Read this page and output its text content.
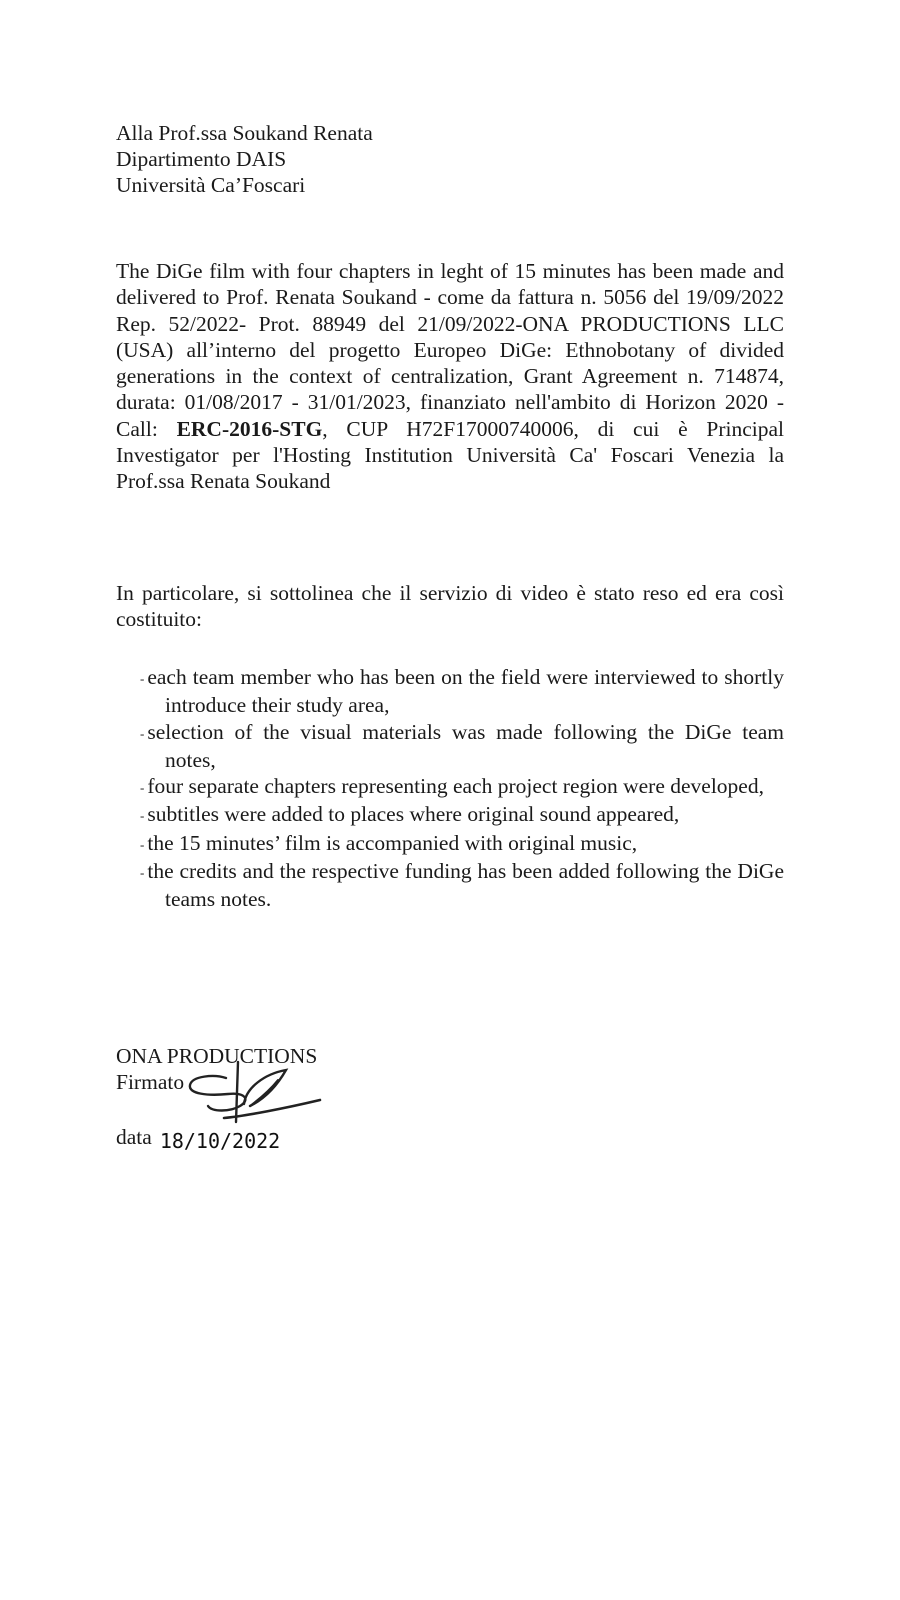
Alla Prof.ssa Soukand Renata
Dipartimento DAIS
Università Ca’Foscari
The DiGe film with four chapters in leght of 15 minutes has been made and delivered to Prof. Renata Soukand - come da fattura n. 5056 del 19/09/2022 Rep. 52/2022- Prot. 88949 del 21/09/2022-ONA PRODUCTIONS LLC (USA) all’interno del progetto Europeo DiGe: Ethnobotany of divided generations in the context of centralization, Grant Agreement n. 714874, durata: 01/08/2017 - 31/01/2023, finanziato nell'ambito di Horizon 2020 - Call: ERC-2016-STG, CUP H72F17000740006, di cui è Principal Investigator per l'Hosting Institution Università Ca' Foscari Venezia la Prof.ssa Renata Soukand
In particolare, si sottolinea che il servizio di video è stato reso ed era così costituito:
- each team member who has been on the field were interviewed to shortly introduce their study area,
- selection of the visual materials was made following the DiGe team notes,
- four separate chapters representing each project region were developed,
- subtitles were added to places where original sound appeared,
- the 15 minutes’ film is accompanied with original music,
- the credits and the respective funding has been added following the DiGe teams notes.
ONA PRODUCTIONS
Firmato
data 18/10/2022
